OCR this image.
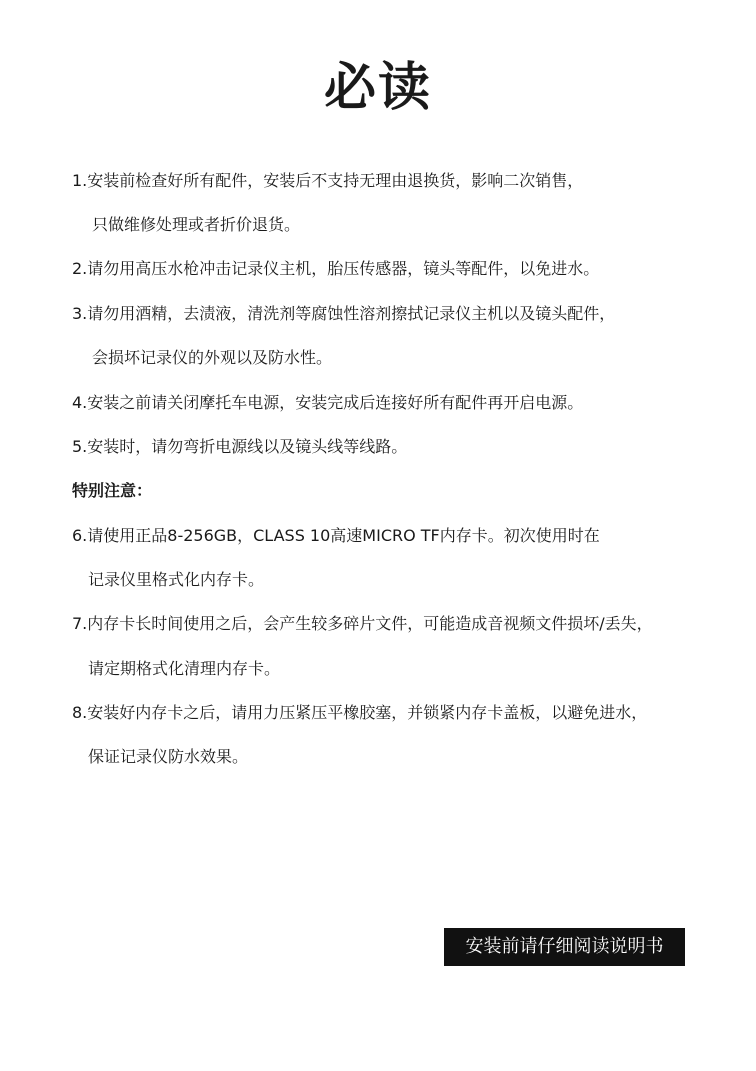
必读
1.安装前检查好所有配件，安装后不支持无理由退换货，影响二次销售，
只做维修处理或者折价退货。
2.请勿用高压水枪冲击记录仪主机，胎压传感器，镜头等配件，以免进水。
3.请勿用酒精，去渍液，清洗剂等腐蚀性溶剂擦拭记录仪主机以及镜头配件，
会损坏记录仪的外观以及防水性。
4.安装之前请关闭摩托车电源，安装完成后连接好所有配件再开启电源。
5.安装时，请勿弯折电源线以及镜头线等线路。
特别注意：
6.请使用正品8-256GB，CLASS 10高速MICRO TF内存卡。初次使用时在
记录仪里格式化内存卡。
7.内存卡长时间使用之后，会产生较多碎片文件，可能造成音视频文件损坏/丢失，
请定期格式化清理内存卡。
8.安装好内存卡之后，请用力压紧压平橡胶塞，并锁紧内存卡盖板，以避免进水，
保证记录仪防水效果。
安装前请仔细阅读说明书
